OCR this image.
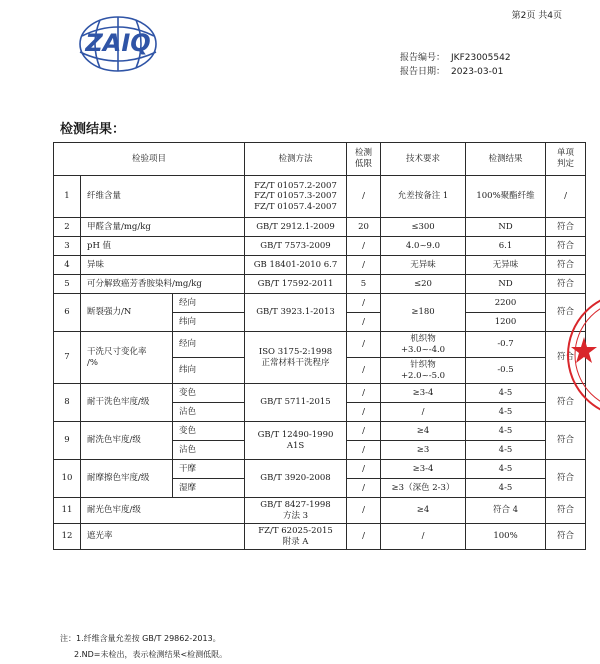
ZAIQ
第2页 共4页
报告编号： JKF23005542
报告日期： 2023-03-01
检测结果：
检验项目			检测方法	检测
低限	技术要求	检测结果	单项
判定
1	纤维含量		FZ/T 01057.2-2007
FZ/T 01057.3-2007
FZ/T 01057.4-2007	/	允差按备注 1	100%聚酯纤维	/
2	甲醛含量/mg/kg		GB/T 2912.1-2009	20	≤300	ND	符合
3	pH 值		GB/T 7573-2009	/	4.0~9.0	6.1	符合
4	异味		GB 18401-2010 6.7	/	无异味	无异味	符合
5	可分解致癌芳香胺染料/mg/kg		GB/T 17592-2011	5	≤20	ND	符合
6	断裂强力/N	经向	GB/T 3923.1-2013	/	≥180	2200	符合
		纬向		/		1200	
7	干洗尺寸变化率
/%	经向	ISO 3175-2:1998
正常材料干洗程序	/	机织物
+3.0~-4.0	-0.7	符合
		纬向		/	针织物
+2.0~-5.0	-0.5	
8	耐干洗色牢度/级	变色	GB/T 5711-2015	/	≥3-4	4-5	符合
		沾色		/	/	4-5	
9	耐洗色牢度/级	变色	GB/T 12490-1990
A1S	/	≥4	4-5	符合
		沾色		/	≥3	4-5	
10	耐摩擦色牢度/级	干摩	GB/T 3920-2008	/	≥3-4	4-5	符合
		湿摩		/	≥3（深色 2-3）	4-5	
11	耐光色牢度/级		GB/T 8427-1998
方法 3	/	≥4	符合 4	符合
12	遮光率		FZ/T 62025-2015
附录 A	/	/	100%	符合
注：1.纤维含量允差按 GB/T 29862-2013。
2.ND=未检出，表示检测结果<检测低限。
